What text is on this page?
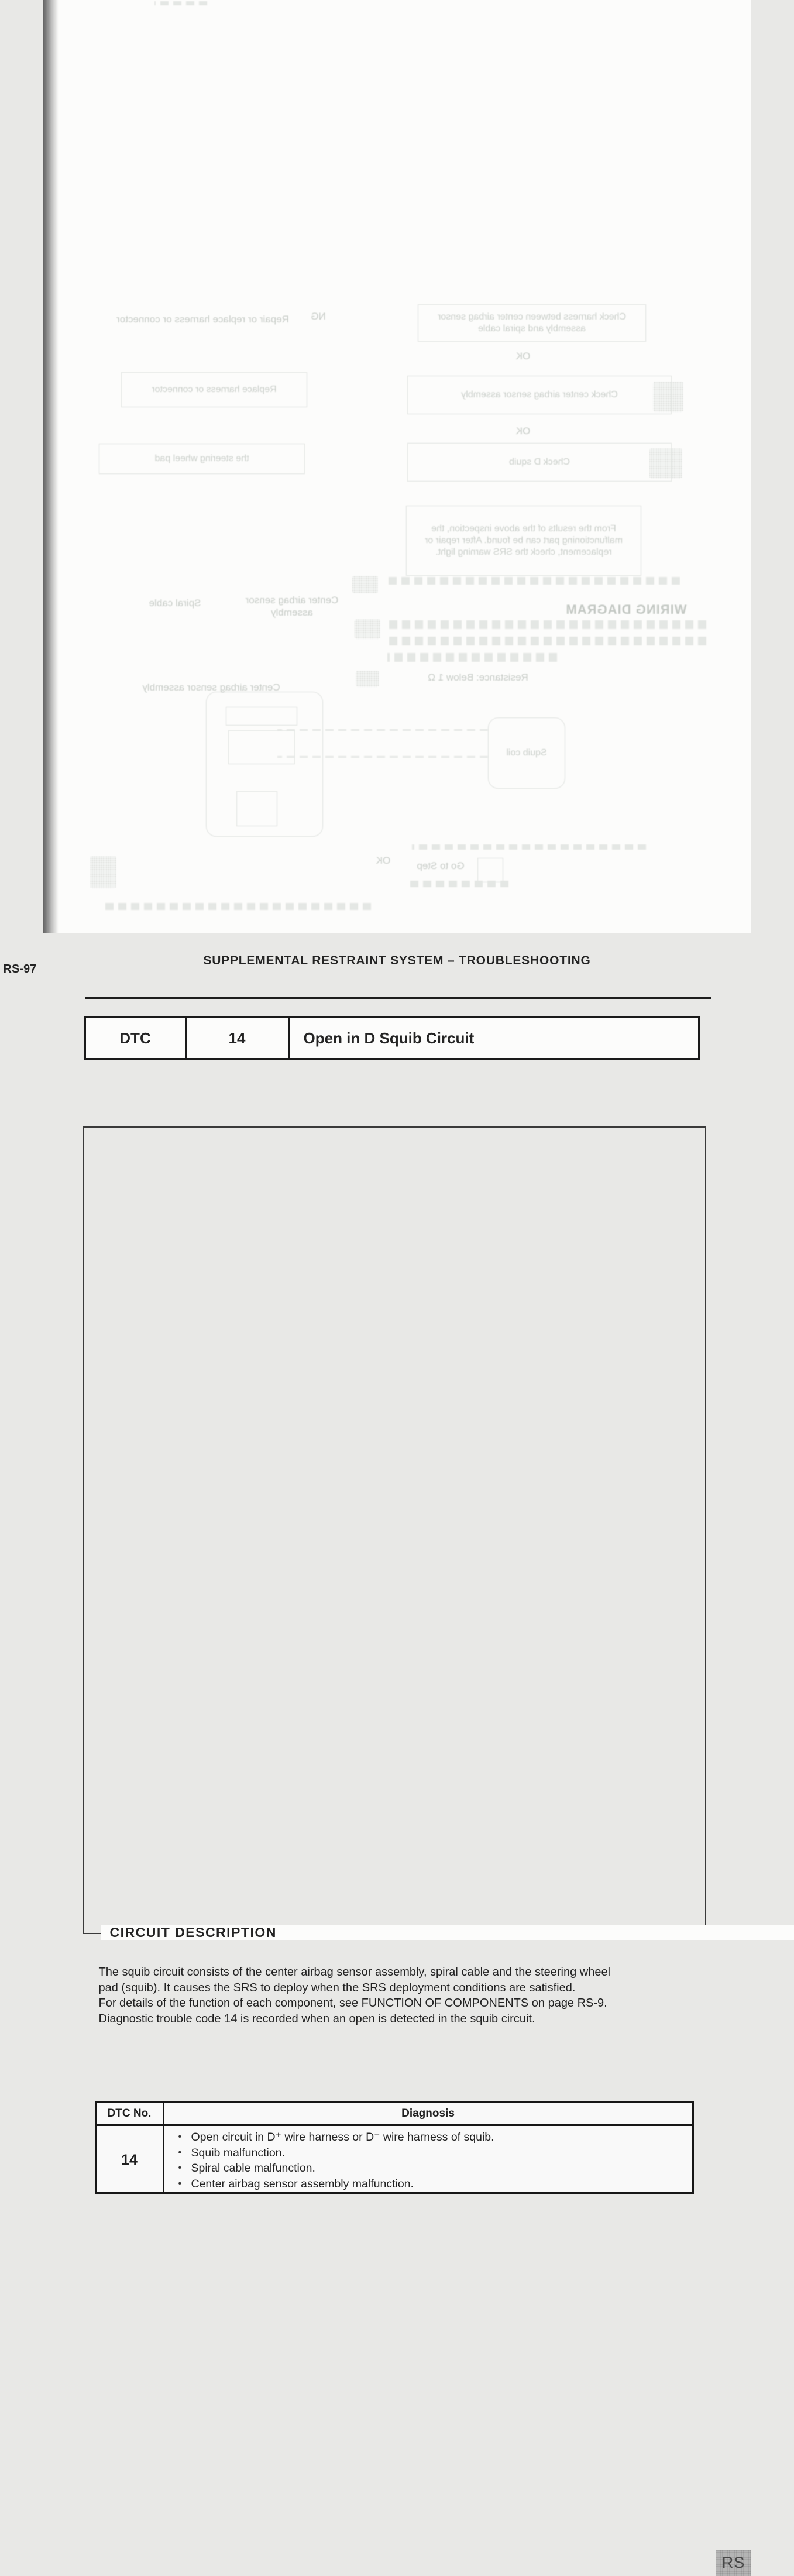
Check harness between center airbag sensor assembly and spiral cable
Check center airbag sensor assembly
Check D squib
Replace harness or connector
the steering wheel pad
From the results of the above inspection, the malfunctioning part can be found. After repair or replacement, check the SRS warning light.
Squib coil
OK
OK
NG
Repair or replace harness or connector
WIRING DIAGRAM
Resistance: Below 1 Ω
Spiral cable	Center airbag sensor assembly
Center airbag sensor assembly
OK	Go to Step
SUPPLEMENTAL RESTRAINT SYSTEM – TROUBLESHOOTING
RS-97
DTC	14	Open in D Squib Circuit
CIRCUIT DESCRIPTION
The squib circuit consists of the center airbag sensor assembly, spiral cable and the steering wheel
pad (squib). It causes the SRS to deploy when the SRS deployment conditions are satisfied.
For details of the function of each component, see FUNCTION OF COMPONENTS on page RS-9.
Diagnostic trouble code 14 is recorded when an open is detected in the squib circuit.
DTC No.	Diagnosis
14
• Open circuit in D⁺ wire harness or D⁻ wire harness of squib.
• Squib malfunction.
• Spiral cable malfunction.
• Center airbag sensor assembly malfunction.
RS
